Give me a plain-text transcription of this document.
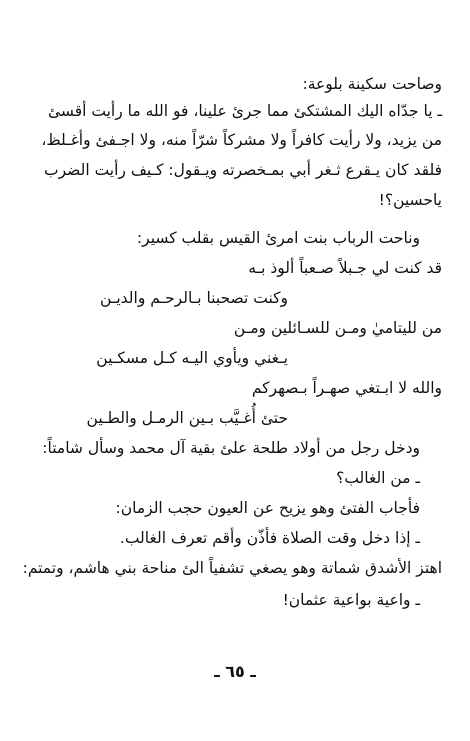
وصاحت سكينة بلوعة:
ـ يا جدّاه اليك المشتكئ مما جرئ علينا، فو الله ما رأيت أقسئ
من يزيد، ولا رأيت كافراً ولا مشركاً شرّاً منه، ولا اجـفئ وأغـلظ،
فلقد كان يـقرع ثـغر أبي بمـخصرته ويـقول: كـيف رأيت الضرب
ياحسين؟!
وناحت الرباب بنت امرئ القيس بقلب كسير:
قد كنت لي جـبلاً صـعباً ألوذ بـه
وكنت تصحبنا بـالرحـم والديـن
من لليتاميٰ ومـن للسـائلين ومـن
يـغني ويأوي اليـه كـل مسكـين
والله لا ابـتغي صهـراً بـصهركم
حتئ أُغـيَّب بـين الرمـل والطـين
ودخل رجل من أولاد طلحة علئ بقية آل محمد وسأل شامتاً:
ـ من الغالب؟
فأجاب الفتئ وهو يزيح عن العيون حجب الزمان:
ـ إذا دخل وقت الصلاة فأذّن وأقم تعرف الغالب.
اهتز الأشدق شماتة وهو يصغي تشفياً الئ مناحة بني هاشم، وتمتم:
ـ واعية بواعية عثمان!
ـ ٦٥ ـ
